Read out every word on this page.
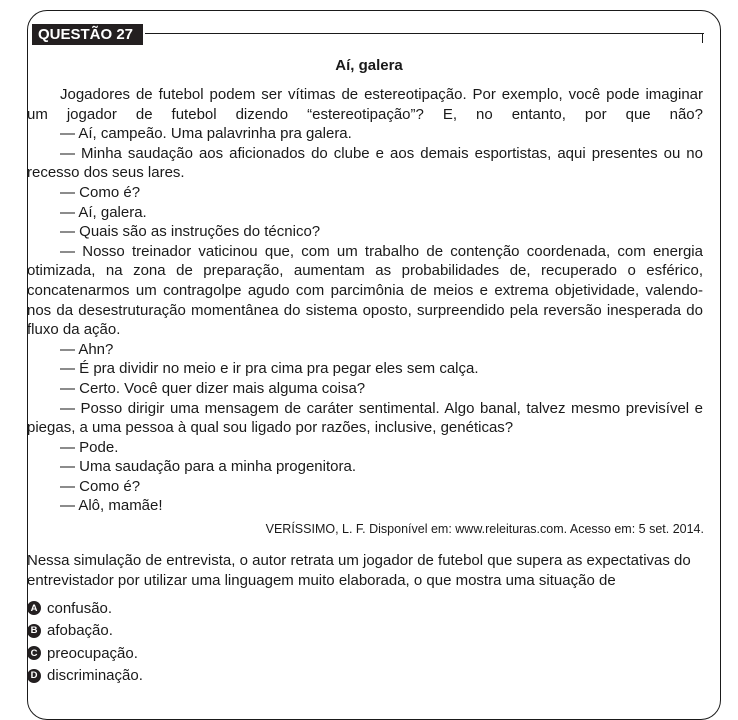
QUESTÃO 27
Aí, galera

Jogadores de futebol podem ser vítimas de estereotipação. Por exemplo, você pode imaginar um jogador de futebol dizendo “estereotipação”? E, no entanto, por que não?

— Aí, campeão. Uma palavrinha pra galera.

— Minha saudação aos aficionados do clube e aos demais esportistas, aqui presentes ou no recesso dos seus lares.

— Como é?

— Aí, galera.

— Quais são as instruções do técnico?

— Nosso treinador vaticinou que, com um trabalho de contenção coordenada, com energia otimizada, na zona de preparação, aumentam as probabilidades de, recuperado o esférico, concatenarmos um contragolpe agudo com parcimônia de meios e extrema objetividade, valendo-nos da desestruturação momentânea do sistema oposto, surpreendido pela reversão inesperada do fluxo da ação.

— Ahn?

— É pra dividir no meio e ir pra cima pra pegar eles sem calça.

— Certo. Você quer dizer mais alguma coisa?

— Posso dirigir uma mensagem de caráter sentimental. Algo banal, talvez mesmo previsível e piegas, a uma pessoa à qual sou ligado por razões, inclusive, genéticas?

— Pode.

— Uma saudação para a minha progenitora.

— Como é?

— Alô, mamãe!

VERÍSSIMO, L. F. Disponível em: www.releituras.com. Acesso em: 5 set. 2014.

Nessa simulação de entrevista, o autor retrata um jogador de futebol que supera as expectativas do entrevistador por utilizar uma linguagem muito elaborada, o que mostra uma situação de

A confusão.
B afobação.
C preocupação.
D discriminação.
